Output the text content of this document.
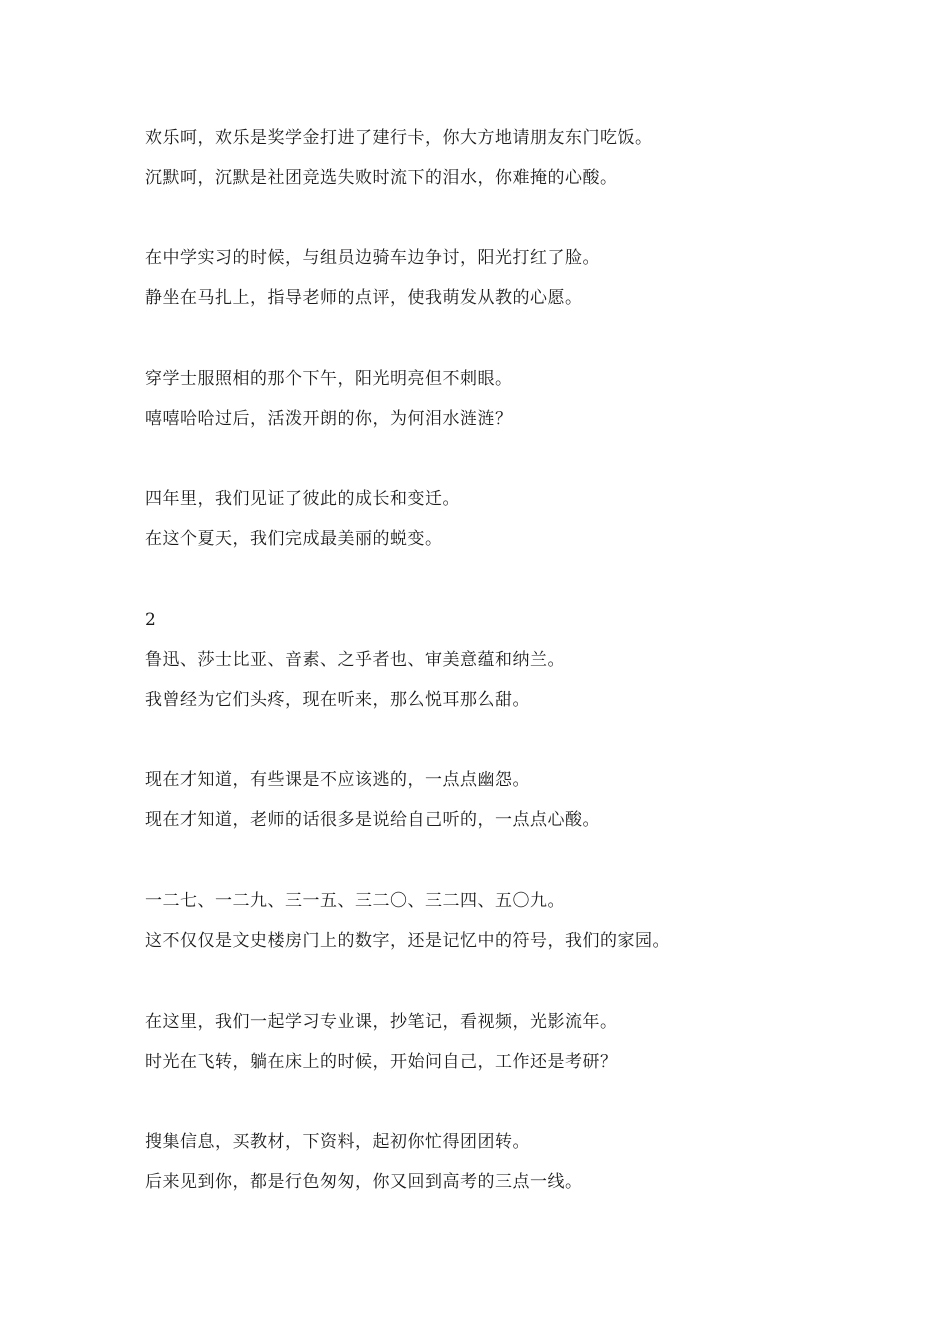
欢乐呵，欢乐是奖学金打进了建行卡，你大方地请朋友东门吃饭。
沉默呵，沉默是社团竞选失败时流下的泪水，你难掩的心酸。
在中学实习的时候，与组员边骑车边争讨，阳光打红了脸。
静坐在马扎上，指导老师的点评，使我萌发从教的心愿。
穿学士服照相的那个下午，阳光明亮但不刺眼。
嘻嘻哈哈过后，活泼开朗的你，为何泪水涟涟？
四年里，我们见证了彼此的成长和变迁。
在这个夏天，我们完成最美丽的蜕变。
2
鲁迅、莎士比亚、音素、之乎者也、审美意蕴和纳兰。
我曾经为它们头疼，现在听来，那么悦耳那么甜。
现在才知道，有些课是不应该逃的，一点点幽怨。
现在才知道，老师的话很多是说给自己听的，一点点心酸。
一二七、一二九、三一五、三二〇、三二四、五〇九。
这不仅仅是文史楼房门上的数字，还是记忆中的符号，我们的家园。
在这里，我们一起学习专业课，抄笔记，看视频，光影流年。
时光在飞转，躺在床上的时候，开始问自己，工作还是考研？
搜集信息，买教材，下资料，起初你忙得团团转。
后来见到你，都是行色匆匆，你又回到高考的三点一线。
